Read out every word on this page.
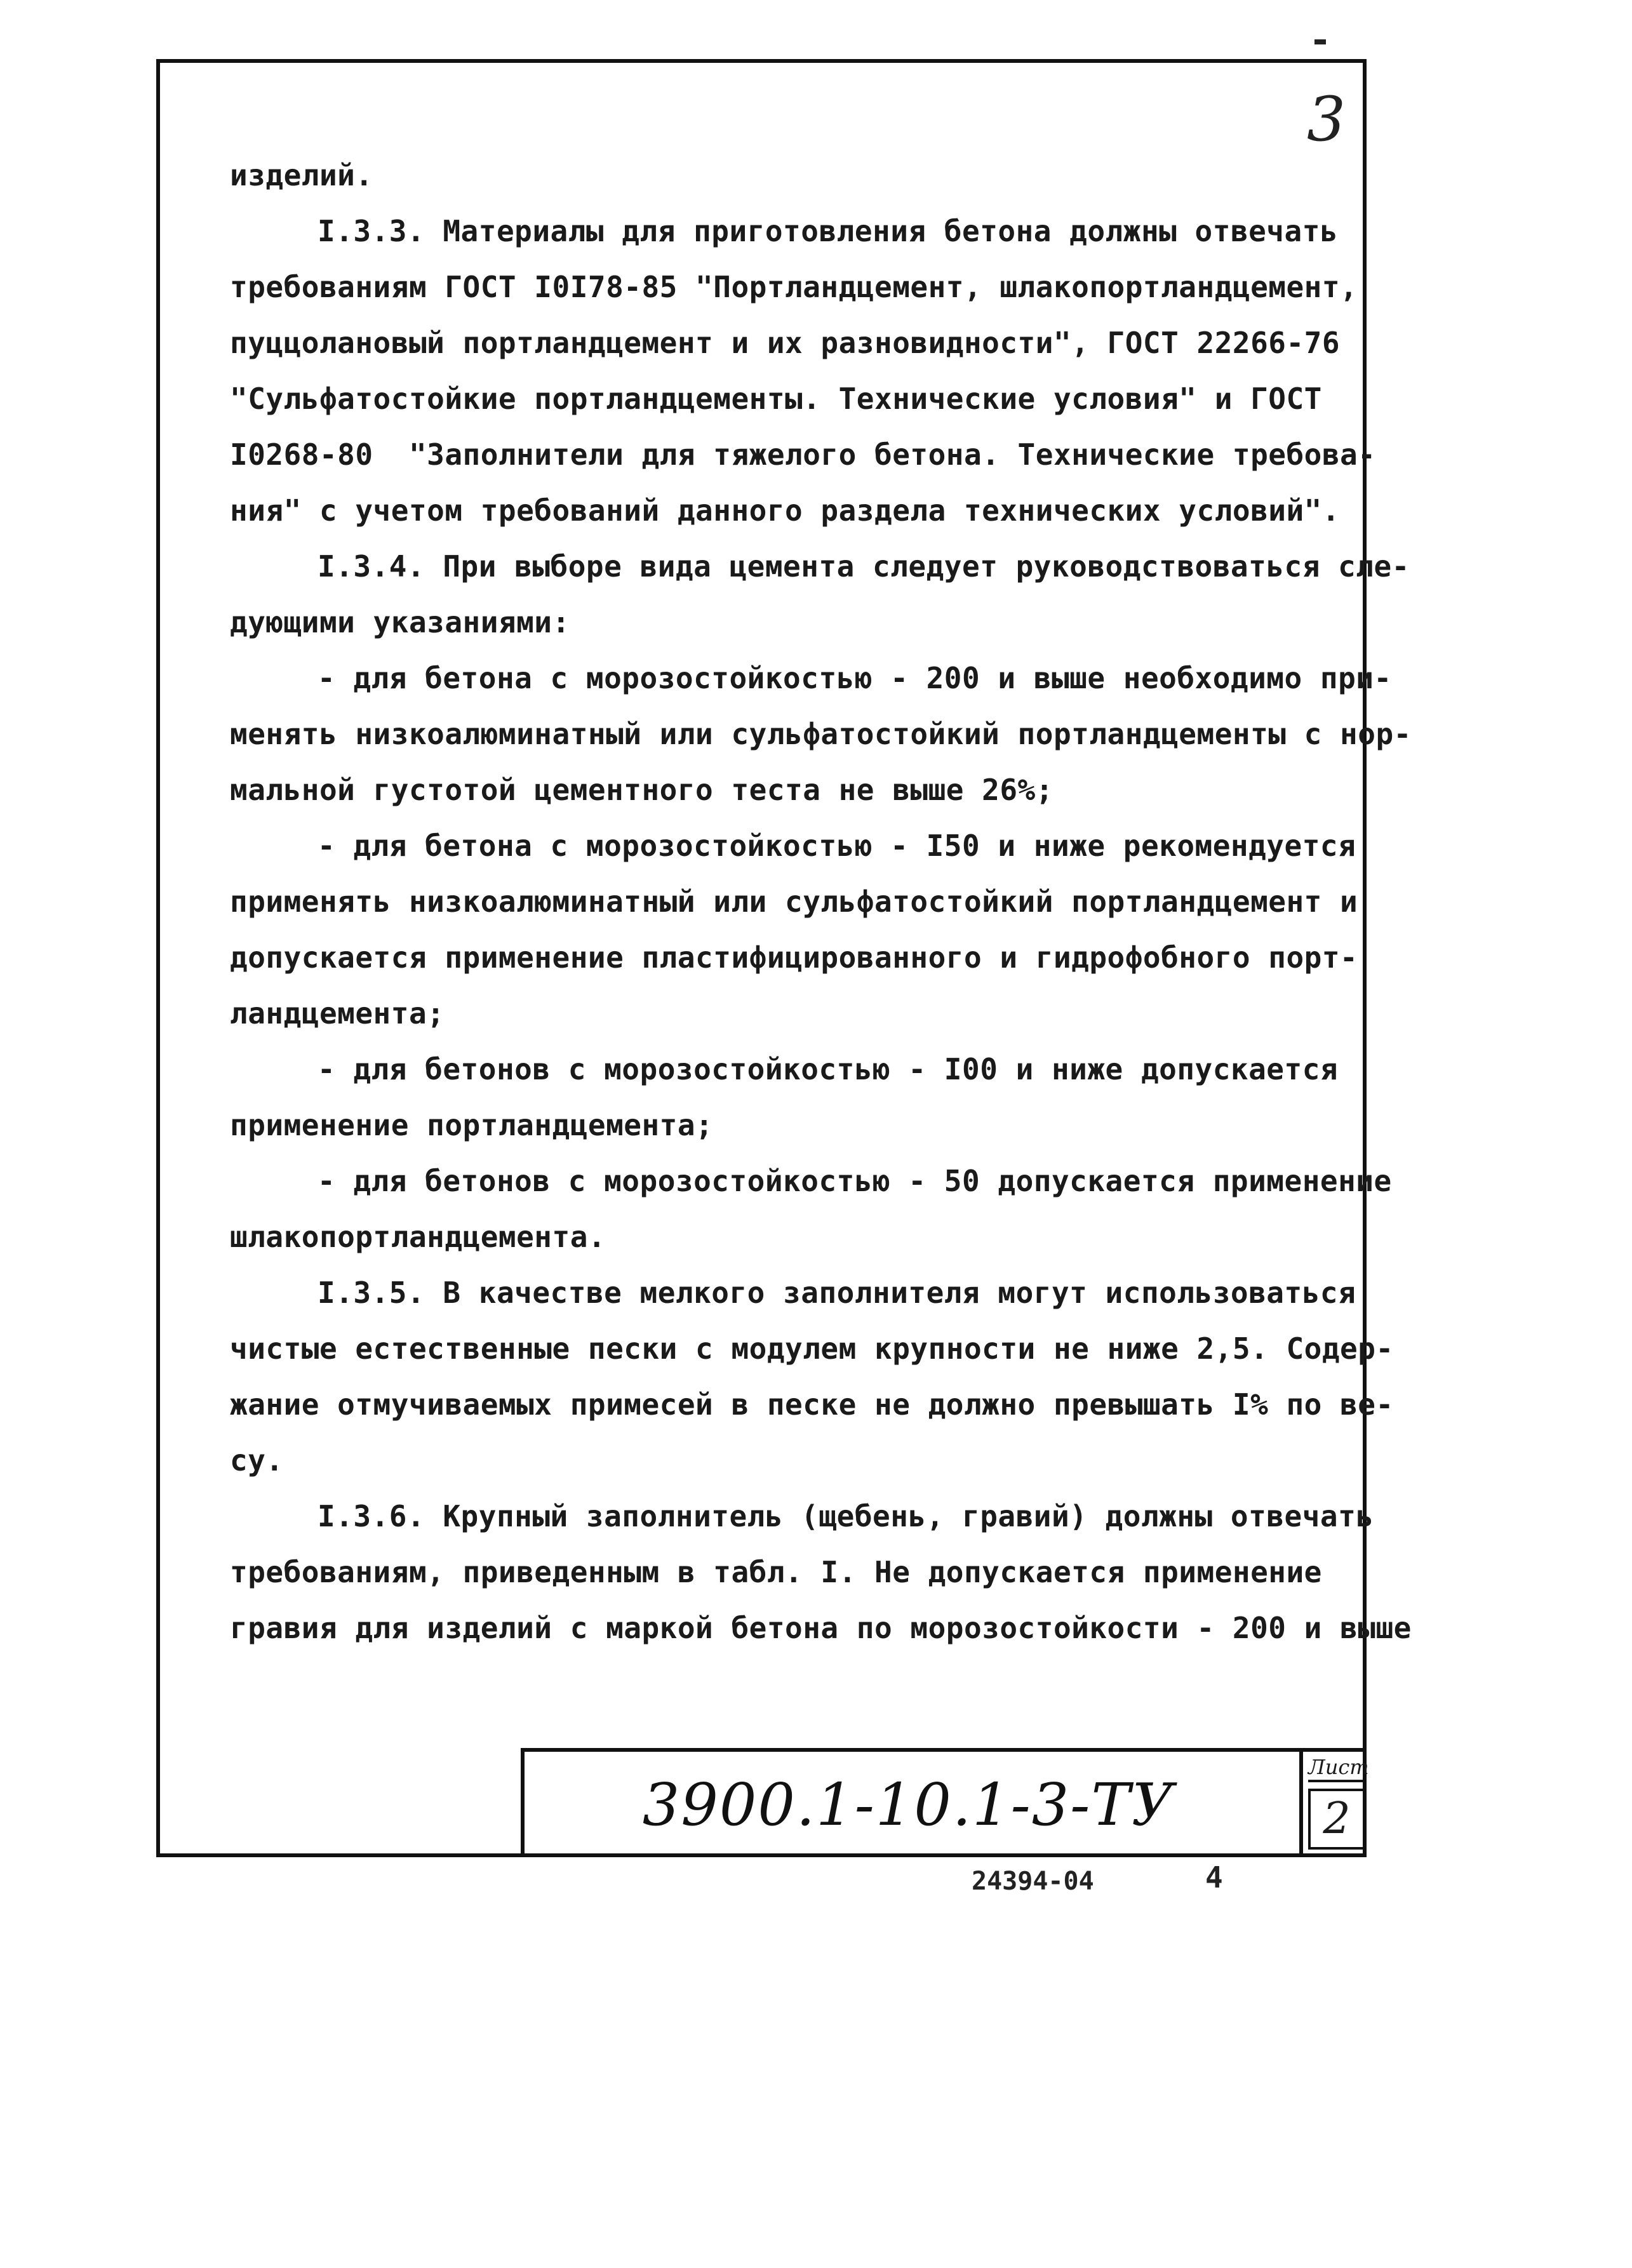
3
изделий.
I.3.3. Материалы для приготовления бетона должны отвечать
требованиям ГОСТ I0I78-85 "Портландцемент, шлакопортландцемент,
пуццолановый портландцемент и их разновидности", ГОСТ 22266-76
"Сульфатостойкие портландцементы. Технические условия" и ГОСТ
I0268-80  "Заполнители для тяжелого бетона. Технические требова-
ния" с учетом требований данного раздела технических условий".
I.3.4. При выборе вида цемента следует руководствоваться сле-
дующими указаниями:
- для бетона с морозостойкостью - 200 и выше необходимо при-
менять низкоалюминатный или сульфатостойкий портландцементы с нор-
мальной густотой цементного теста не выше 26%;
- для бетона с морозостойкостью - I50 и ниже рекомендуется
применять низкоалюминатный или сульфатостойкий портландцемент и
допускается применение пластифицированного и гидрофобного порт-
ландцемента;
- для бетонов с морозостойкостью - I00 и ниже допускается
применение портландцемента;
- для бетонов с морозостойкостью - 50 допускается применение
шлакопортландцемента.
I.3.5. В качестве мелкого заполнителя могут использоваться
чистые естественные пески с модулем крупности не ниже 2,5. Содер-
жание отмучиваемых примесей в песке не должно превышать I% по ве-
су.
I.3.6. Крупный заполнитель (щебень, гравий) должны отвечать
требованиям, приведенным в табл. I. Не допускается применение
гравия для изделий с маркой бетона по морозостойкости - 200 и выше
3900.1-10.1-3-ТУ
Лист
2
24394-04	4
